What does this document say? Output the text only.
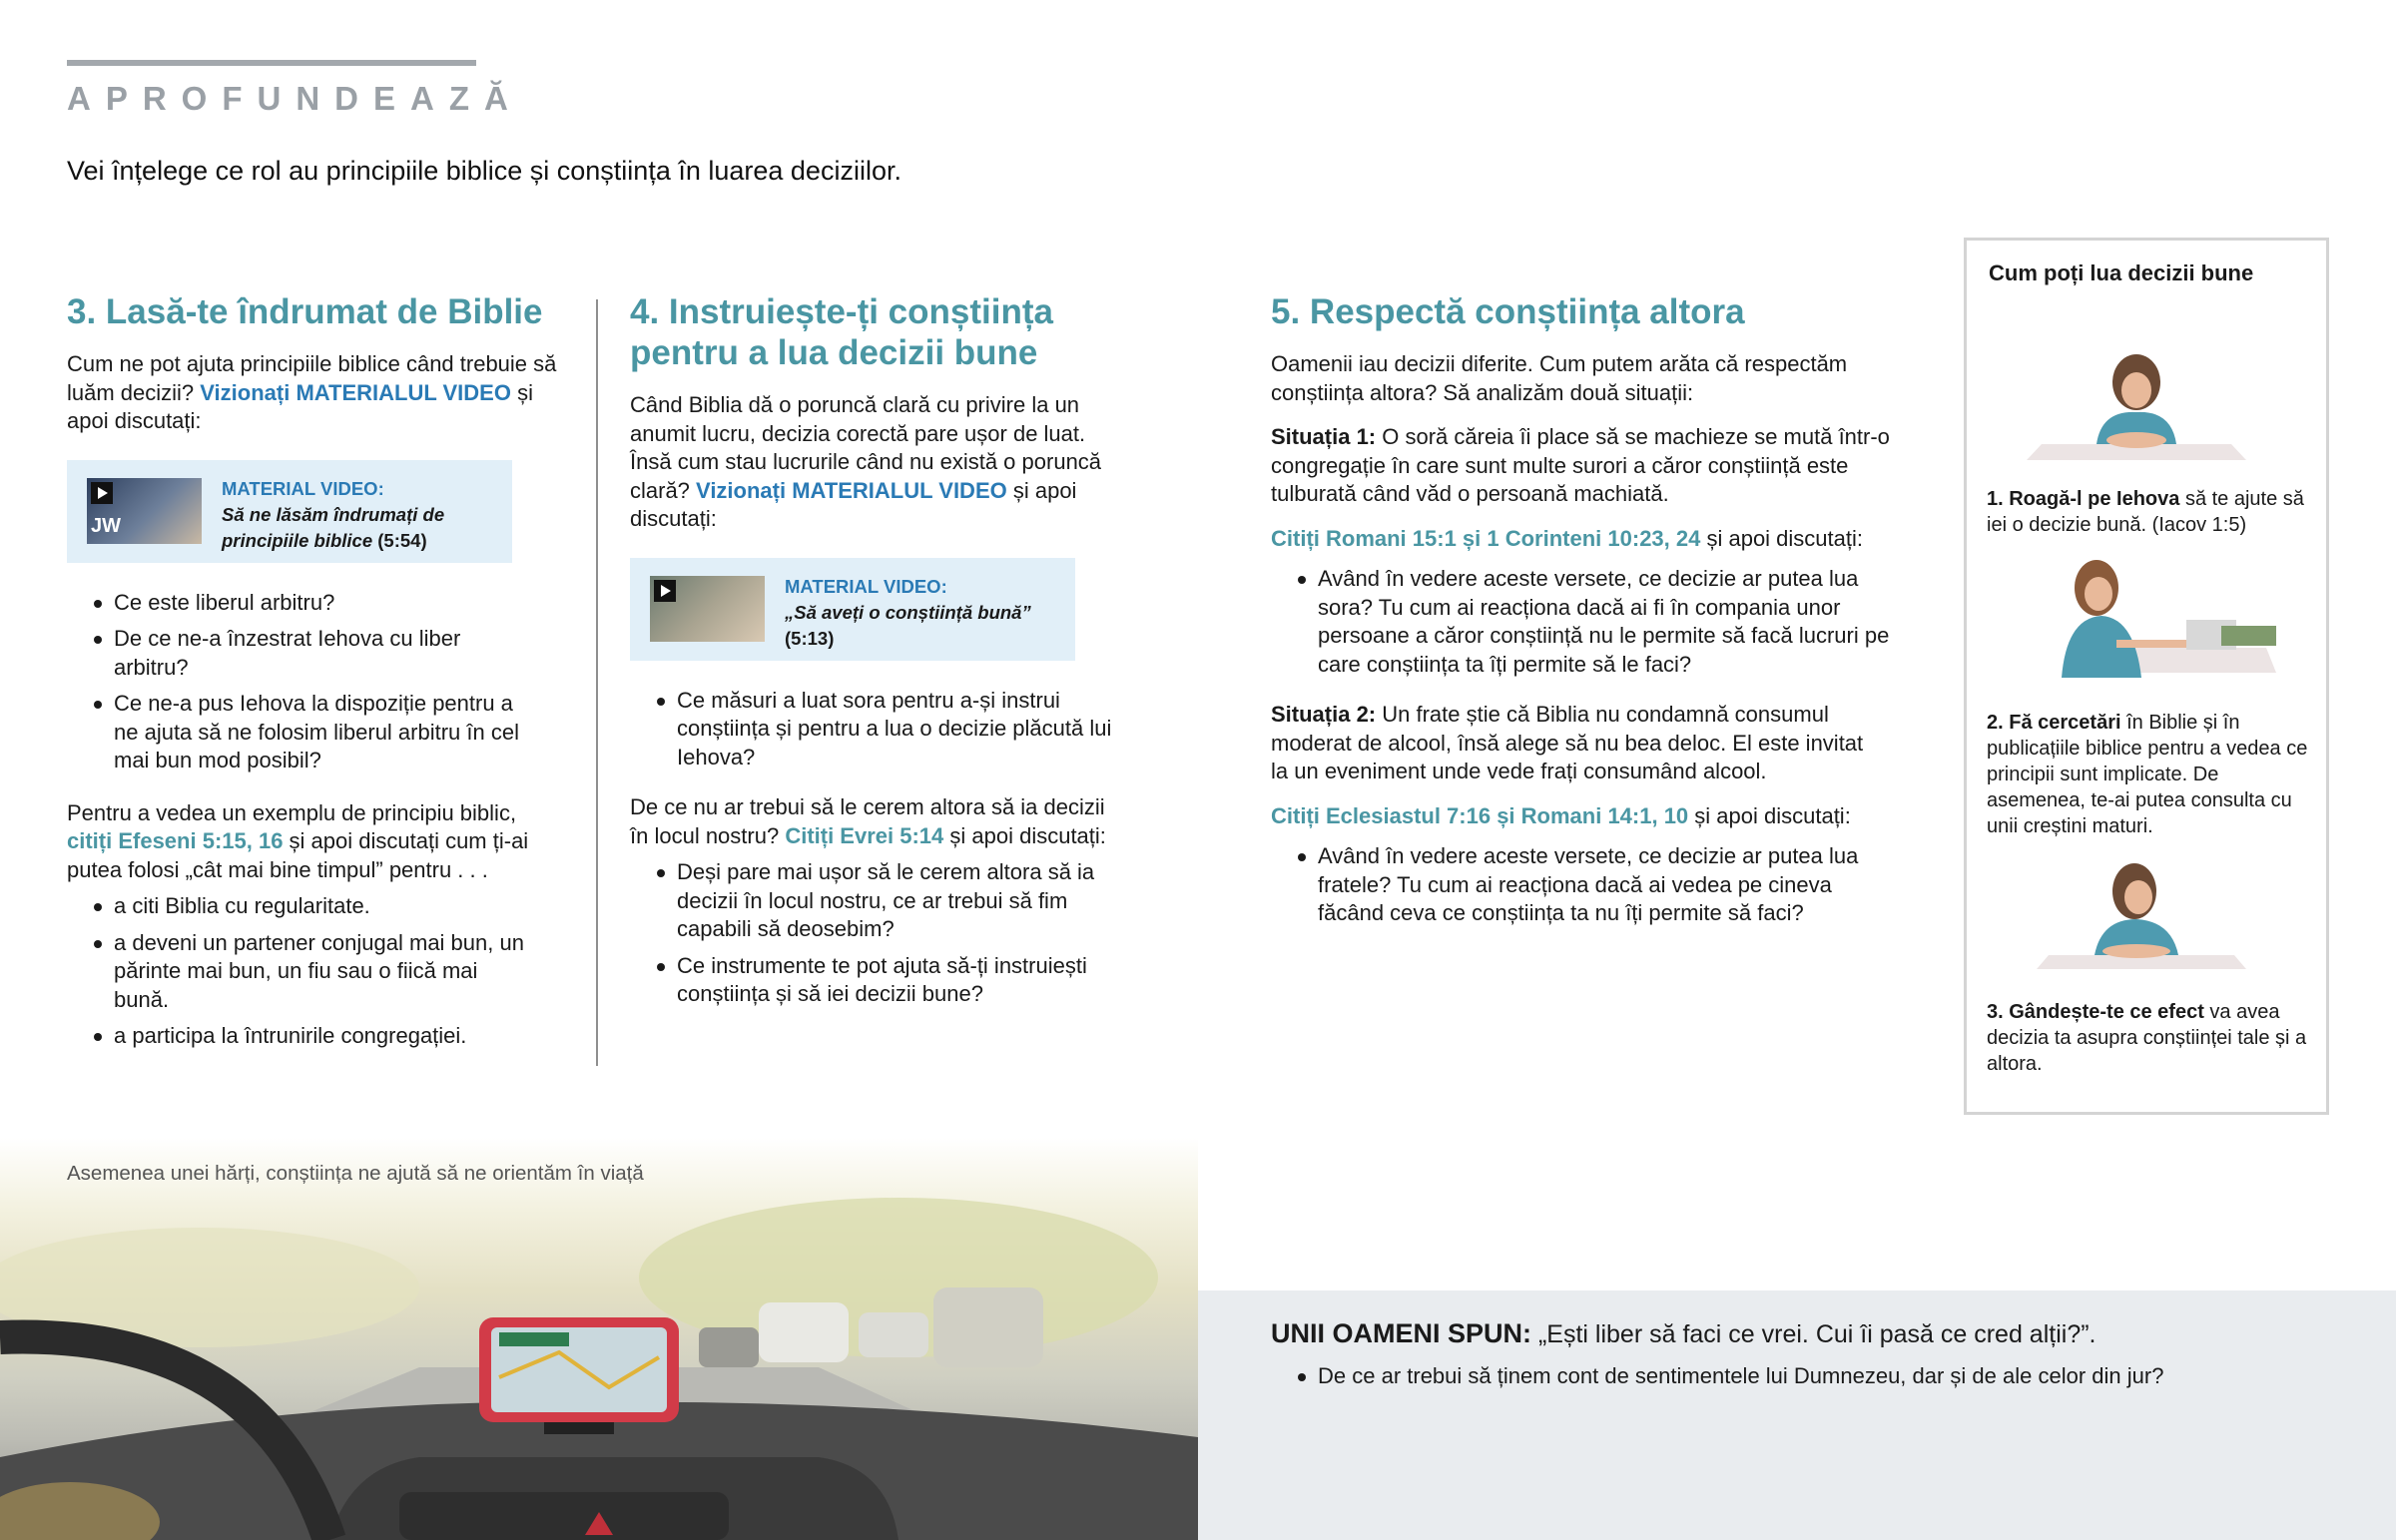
APROFUNDEAZĂ
Vei înțelege ce rol au principiile biblice și conștiința în luarea deciziilor.
3. Lasă-te îndrumat de Biblie
Cum ne pot ajuta principiile biblice când trebuie să luăm decizii? Vizionați MATERIALUL VIDEO și apoi discutați:
JW
MATERIAL VIDEO:
Să ne lăsăm îndrumați de principiile biblice (5:54)
Ce este liberul arbitru?
De ce ne-a înzestrat Iehova cu liber arbitru?
Ce ne-a pus Iehova la dispoziție pentru a ne ajuta să ne folosim liberul arbitru în cel mai bun mod posibil?
Pentru a vedea un exemplu de principiu biblic, citiți Efeseni 5:15, 16 și apoi discutați cum ți-ai putea folosi „cât mai bine timpul” pentru . . .
a citi Biblia cu regularitate.
a deveni un partener conjugal mai bun, un părinte mai bun, un fiu sau o fiică mai bună.
a participa la întrunirile congregației.
4. Instruiește-ți conștiința pentru a lua decizii bune
Când Biblia dă o poruncă clară cu privire la un anumit lucru, decizia corectă pare ușor de luat. Însă cum stau lucrurile când nu există o poruncă clară? Vizionați MATERIALUL VIDEO și apoi discutați:
MATERIAL VIDEO:
„Să aveți o conștiință bună”
(5:13)
Ce măsuri a luat sora pentru a-și instrui conștiința și pentru a lua o decizie plăcută lui Iehova?
De ce nu ar trebui să le cerem altora să ia decizii în locul nostru? Citiți Evrei 5:14 și apoi discutați:
Deși pare mai ușor să le cerem altora să ia decizii în locul nostru, ce ar trebui să fim capabili să deosebim?
Ce instrumente te pot ajuta să-ți instruiești conștiința și să iei decizii bune?
5. Respectă conștiința altora
Oamenii iau decizii diferite. Cum putem arăta că respectăm conștiința altora? Să analizăm două situații:
Situația 1: O soră căreia îi place să se machieze se mută într-o congregație în care sunt multe surori a căror conștiință este tulburată când văd o persoană machiată.
Citiți Romani 15:1 și 1 Corinteni 10:23, 24 și apoi discutați:
Având în vedere aceste versete, ce decizie ar putea lua sora? Tu cum ai reacționa dacă ai fi în compania unor persoane a căror conștiință nu le permite să facă lucruri pe care conștiința ta îți permite să le faci?
Situația 2: Un frate știe că Biblia nu condamnă consumul moderat de alcool, însă alege să nu bea deloc. El este invitat la un eveniment unde vede frați consumând alcool.
Citiți Eclesiastul 7:16 și Romani 14:1, 10 și apoi discutați:
Având în vedere aceste versete, ce decizie ar putea lua fratele? Tu cum ai reacționa dacă ai vedea pe cineva făcând ceva ce conștiința ta nu îți permite să faci?
Cum poți lua decizii bune
1. Roagă-l pe Iehova să te ajute să iei o decizie bună. (Iacov 1:5)
2. Fă cercetări în Biblie și în publicațiile biblice pentru a vedea ce principii sunt implicate. De asemenea, te-ai putea consulta cu unii creștini maturi.
3. Gândește-te ce efect va avea decizia ta asupra conștiinței tale și a altora.
Asemenea unei hărți, conștiința ne ajută să ne orientăm în viață
UNII OAMENI SPUN: „Ești liber să faci ce vrei. Cui îi pasă ce cred alții?”.
De ce ar trebui să ținem cont de sentimentele lui Dumnezeu, dar și de ale celor din jur?
